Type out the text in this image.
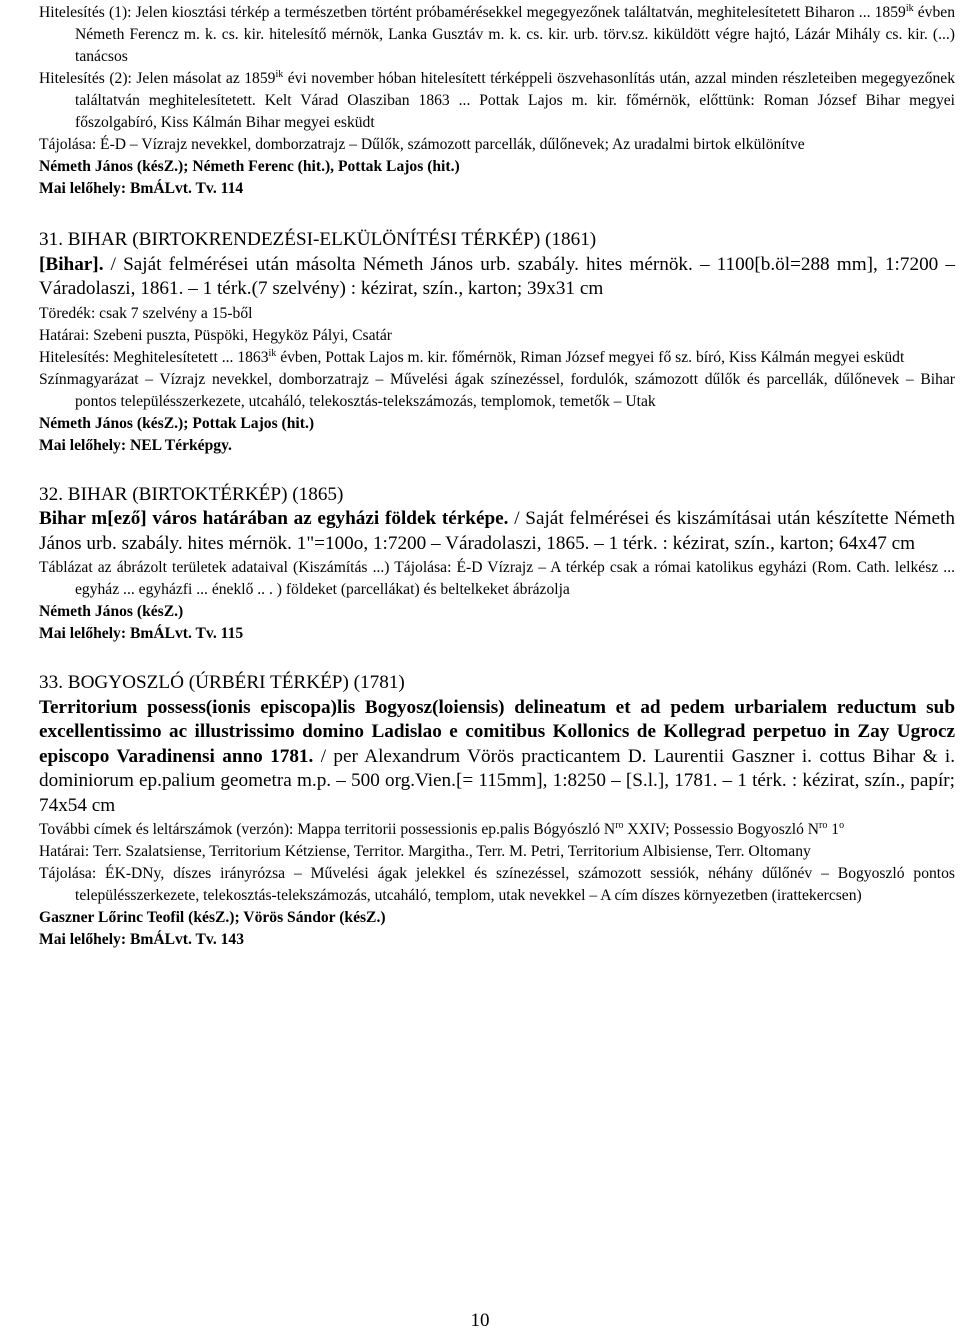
Hitelesítés (1): Jelen kiosztási térkép a természetben történt próbamérésekkel megegyezőnek találtatván, meghitelesítetett Biharon ... $1859^{ik}$ évben Németh Ferencz m. k. cs. kir. hitelesítő mérnök, Lanka Gusztáv m. k. cs. kir. urb. törv.sz. kiküldött végre hajtó, Lázár Mihály cs. kir. (...) tanácsos
Hitelesítés (2): Jelen másolat az $1859^{ik}$ évi november hóban hitelesített térképpeli öszvehasonlítás után, azzal minden részleteiben megegyezőnek találtatván meghitelesítetett. Kelt Várad Olasziban 1863 ... Pottak Lajos m. kir. főmérnök, előttünk: Roman József Bihar megyei főszolgabíró, Kiss Kálmán Bihar megyei esküdt
Tájolása: É-D – Vízrajz nevekkel, domborzatrajz – Dűlők, számozott parcellák, dűlőnevek; Az uradalmi birtok elkülönítve
Németh János (késZ.); Németh Ferenc (hit.), Pottak Lajos (hit.)
Mai lelőhely: BmÁLvt. Tv. 114
31. BIHAR (BIRTOKRENDEZÉSI-ELKÜLÖNÍTÉSI TÉRKÉP) (1861)
[Bihar]. / Saját felmérései után másolta Németh János urb. szabály. hites mérnök. – 1100[b.öl=288 mm], 1:7200 – Váradolaszi, 1861. – 1 térk.(7 szelvény) : kézirat, szín., karton; 39x31 cm
Töredék: csak 7 szelvény a 15-ből
Határai: Szebeni puszta, Püspöki, Hegyköz Pályi, Csatár
Hitelesítés: Meghitelesítetett ... $1863^{ik}$ évben, Pottak Lajos m. kir. főmérnök, Riman József megyei fő sz. bíró, Kiss Kálmán megyei esküdt
Színmagyarázat – Vízrajz nevekkel, domborzatrajz – Művelési ágak színezéssel, fordulók, számozott dűlők és parcellák, dűlőnevek – Bihar pontos településszerkezete, utcaháló, telekosztás-telekszámozás, templomok, temetők – Utak
Németh János (késZ.); Pottak Lajos (hit.)
Mai lelőhely: NEL Térképgy.
32. BIHAR (BIRTOKTÉRKÉP) (1865)
Bihar m[ező] város határában az egyházi földek térképe. / Saját felmérései és kiszámításai után készítette Németh János urb. szabály. hites mérnök. 1"=100o, 1:7200 – Váradolaszi, 1865. – 1 térk. : kézirat, szín., karton; 64x47 cm
Táblázat az ábrázolt területek adataival (Kiszámítás ...) Tájolása: É-D Vízrajz – A térkép csak a római katolikus egyházi (Rom. Cath. lelkész ... egyház ... egyházfi ... éneklő .. . ) földeket (parcellákat) és beltelkeket ábrázolja
Németh János (késZ.)
Mai lelőhely: BmÁLvt. Tv. 115
33. BOGYOSZLÓ (ÚRBÉRI TÉRKÉP) (1781)
Territorium possess(ionis episcopa)lis Bogyosz(loiensis) delineatum et ad pedem urbarialem reductum sub excellentissimo ac illustrissimo domino Ladislao e comitibus Kollonics de Kollegrad perpetuo in Zay Ugrocz episcopo Varadinensi anno 1781. / per Alexandrum Vörös practicantem D. Laurentii Gaszner i. cottus Bihar & i. dominiorum ep.palium geometra m.p. – 500 org.Vien.[= 115mm], 1:8250 – [S.l.], 1781. – 1 térk. : kézirat, szín., papír; 74x54 cm
További címek és leltárszámok (verzón): Mappa territorii possessionis ep.palis Bógyószló $N^{ro}$ XXIV; Possessio Bogyoszló $N^{ro}$ 1$^o$
Határai: Terr. Szalatsiense, Territorium Kétziense, Territor. Margitha., Terr. M. Petri, Territorium Albisiense, Terr. Oltomany
Tájolása: ÉK-DNy, díszes irányrózsa – Művelési ágak jelekkel és színezéssel, számozott sessiók, néhány dűlőnév – Bogyoszló pontos településszerkezete, telekosztás-telekszámozás, utcaháló, templom, utak nevekkel – A cím díszes környezetben (irattekercsen)
Gaszner Lőrinc Teofil (késZ.); Vörös Sándor (késZ.)
Mai lelőhely: BmÁLvt. Tv. 143
10
